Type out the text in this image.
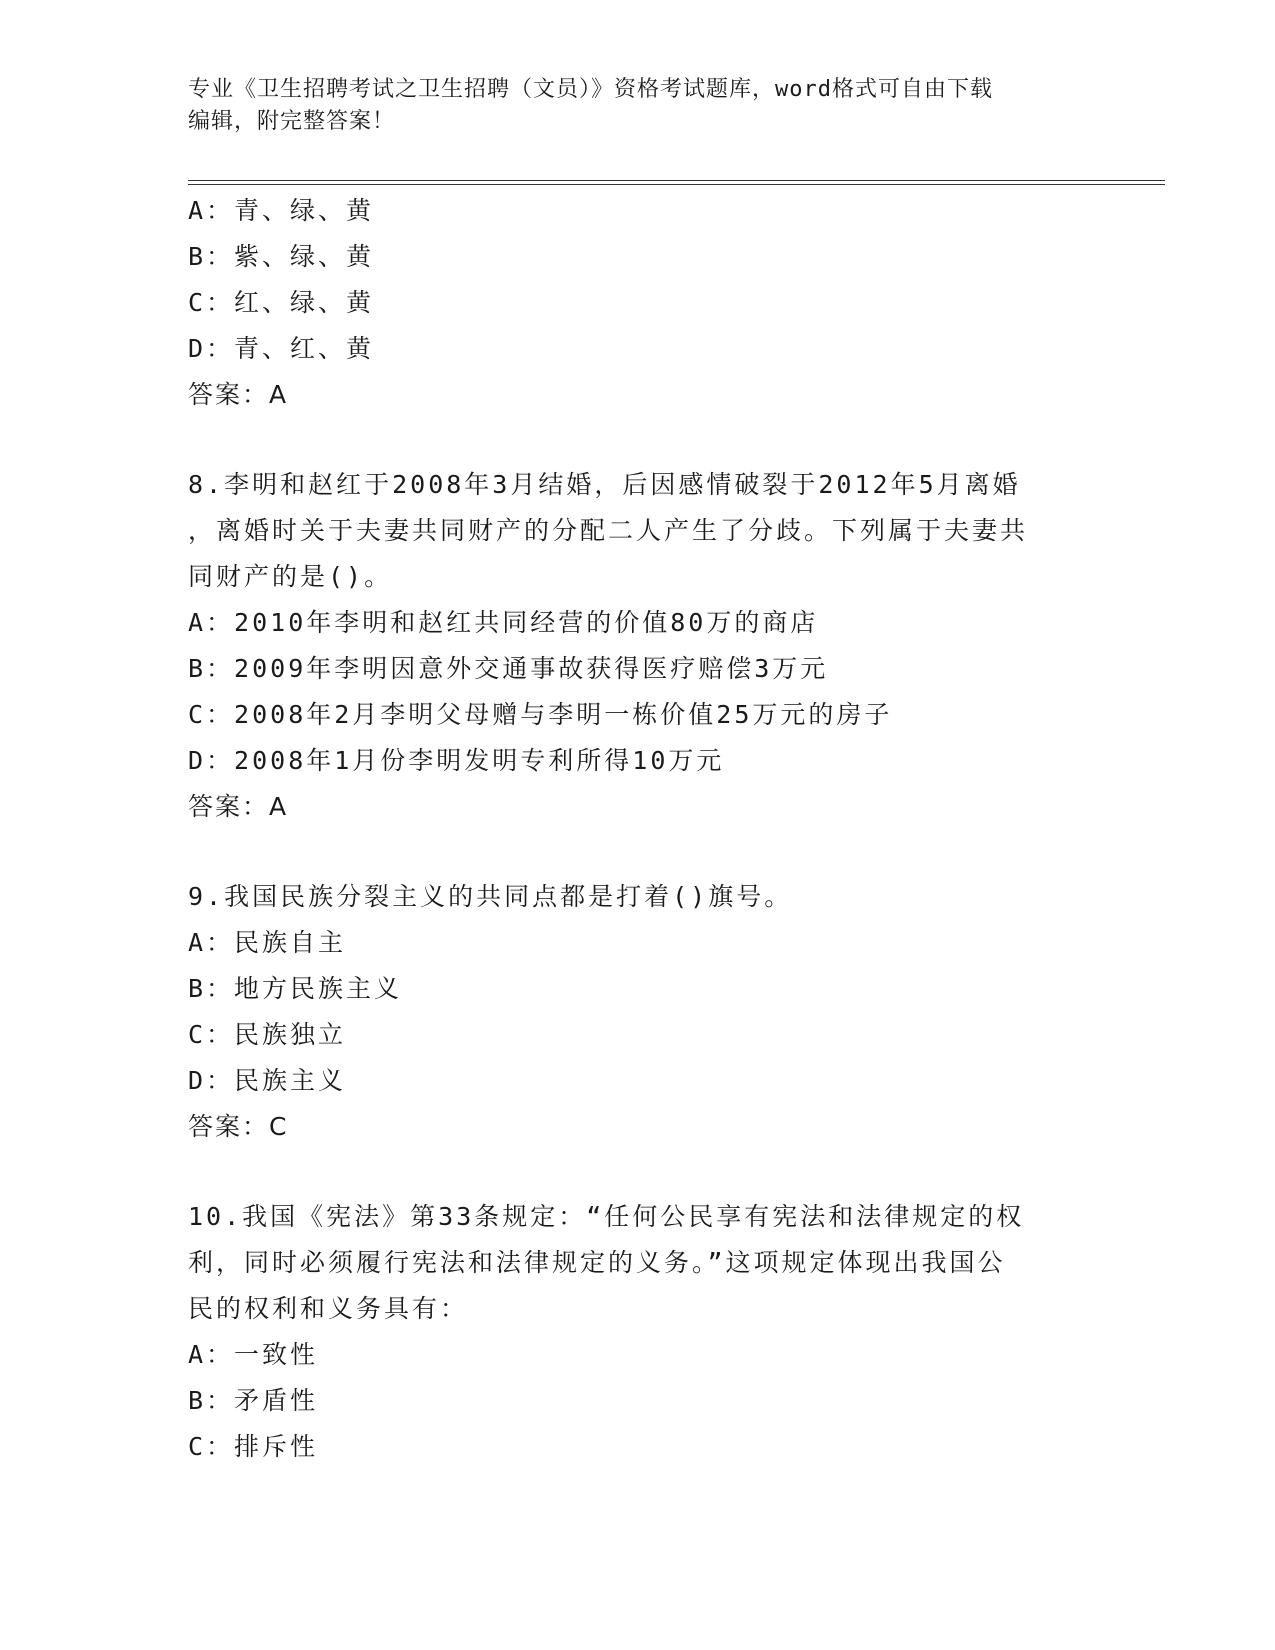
专业《卫生招聘考试之卫生招聘（文员）》资格考试题库，word格式可自由下载
编辑，附完整答案！
A：青、绿、黄
B：紫、绿、黄
C：红、绿、黄
D：青、红、黄
答案：A
8.李明和赵红于2008年3月结婚，后因感情破裂于2012年5月离婚
，离婚时关于夫妻共同财产的分配二人产生了分歧。下列属于夫妻共
同财产的是()。
A：2010年李明和赵红共同经营的价值80万的商店
B：2009年李明因意外交通事故获得医疗赔偿3万元
C：2008年2月李明父母赠与李明一栋价值25万元的房子
D：2008年1月份李明发明专利所得10万元
答案：A
9.我国民族分裂主义的共同点都是打着()旗号。
A：民族自主
B：地方民族主义
C：民族独立
D：民族主义
答案：C
10.我国《宪法》第33条规定：“任何公民享有宪法和法律规定的权
利，同时必须履行宪法和法律规定的义务。”这项规定体现出我国公
民的权利和义务具有：
A：一致性
B：矛盾性
C：排斥性
